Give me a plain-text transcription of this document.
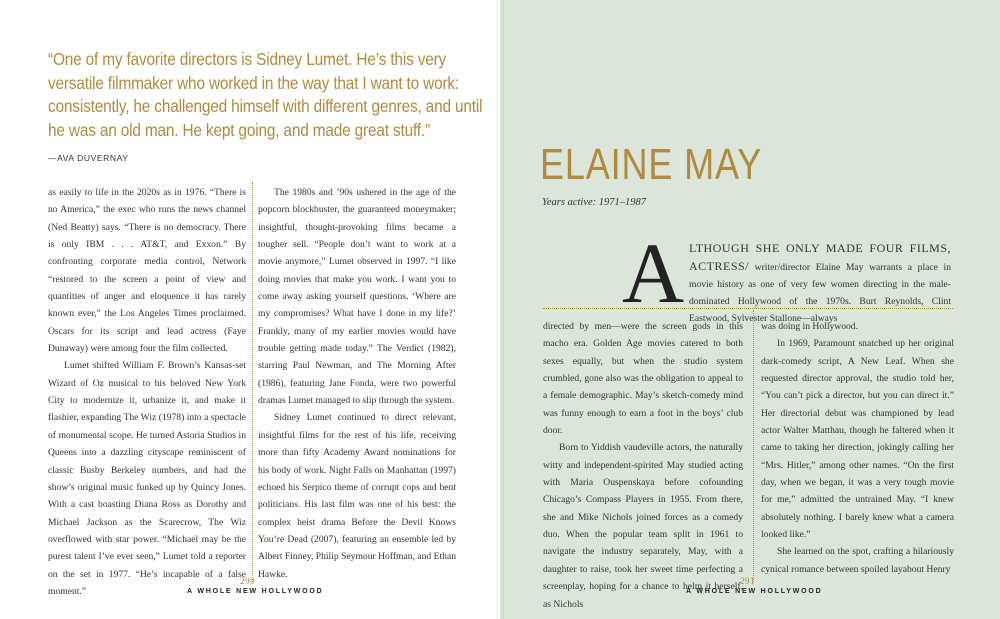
“One of my favorite directors is Sidney Lumet. He’s this very versatile filmmaker who worked in the way that I want to work: consistently, he challenged himself with different genres, and until he was an old man. He kept going, and made great stuff.”
—AVA DUVERNAY

as easily to life in the 2020s as in 1976. “There is no America,” the exec who runs the news channel (Ned Beatty) says. “There is no democracy. There is only IBM . . . AT&T, and Exxon.” By confronting corporate media control, Network “restored to the screen a point of view and quantities of anger and eloquence it has rarely known ever,” the Los Angeles Times proclaimed. Oscars for its script and lead actress (Faye Dunaway) were among four the film collected.

Lumet shifted William F. Brown’s Kansas-set Wizard of Oz musical to his beloved New York City to modernize it, urbanize it, and make it flashier, expanding The Wiz (1978) into a spectacle of monumental scope. He turned Astoria Studios in Queens into a dazzling cityscape reminiscent of classic Busby Berkeley numbers, and had the show’s original music funked up by Quincy Jones. With a cast boasting Diana Ross as Dorothy and Michael Jackson as the Scarecrow, The Wiz overflowed with star power. “Michael may be the purest talent I’ve ever seen,” Lumet told a reporter on the set in 1977. “He’s incapable of a false moment.”

The 1980s and ’90s ushered in the age of the popcorn blockbuster, the guaranteed moneymaker; insightful, thought-provoking films became a tougher sell. “People don’t want to work at a movie anymore,” Lumet observed in 1997. “I like doing movies that make you work. I want you to come away asking yourself questions. ‘Where are my compromises? What have I done in my life?’ Frankly, many of my earlier movies would have trouble getting made today.” The Verdict (1982), starring Paul Newman, and The Morning After (1986), featuring Jane Fonda, were two powerful dramas Lumet managed to slip through the system.

Sidney Lumet continued to direct relevant, insightful films for the rest of his life, receiving more than fifty Academy Award nominations for his body of work. Night Falls on Manhattan (1997) echoed his Serpico theme of corrupt cops and bent politicians. His last film was one of his best: the complex heist drama Before the Devil Knows You’re Dead (2007), featuring an ensemble led by Albert Finney, Philip Seymour Hoffman, and Ethan Hawke.

290
A WHOLE NEW HOLLYWOOD
ELAINE MAY
Years active: 1971–1987
A LTHOUGH SHE ONLY MADE FOUR FILMS, ACTRESS/ writer/director Elaine May warrants a place in movie history as one of very few women directing in the male-dominated Hollywood of the 1970s. Burt Reynolds, Clint Eastwood, Sylvester Stallone—always

directed by men—were the screen gods in this macho era. Golden Age movies catered to both sexes equally, but when the studio system crumbled, gone also was the obligation to appeal to a female demographic. May’s sketch-comedy mind was funny enough to earn a foot in the boys’ club door.

Born to Yiddish vaudeville actors, the naturally witty and independent-spirited May studied acting with Maria Ouspenskaya before cofounding Chicago’s Compass Players in 1955. From there, she and Mike Nichols joined forces as a comedy duo. When the popular team split in 1961 to navigate the industry separately, May, with a daughter to raise, took her sweet time perfecting a screenplay, hoping for a chance to helm it herself, as Nichols

was doing in Hollywood.

In 1969, Paramount snatched up her original dark-comedy script, A New Leaf. When she requested director approval, the studio told her, “You can’t pick a director, but you can direct it.” Her directorial debut was championed by lead actor Walter Matthau, though he faltered when it came to taking her direction, jokingly calling her “Mrs. Hitler,” among other names. “On the first day, when we began, it was a very tough movie for me,” admitted the untrained May. “I knew absolutely nothing. I barely knew what a camera looked like.”

She learned on the spot, crafting a hilariously cynical romance between spoiled layabout Henry

291
A WHOLE NEW HOLLYWOOD
